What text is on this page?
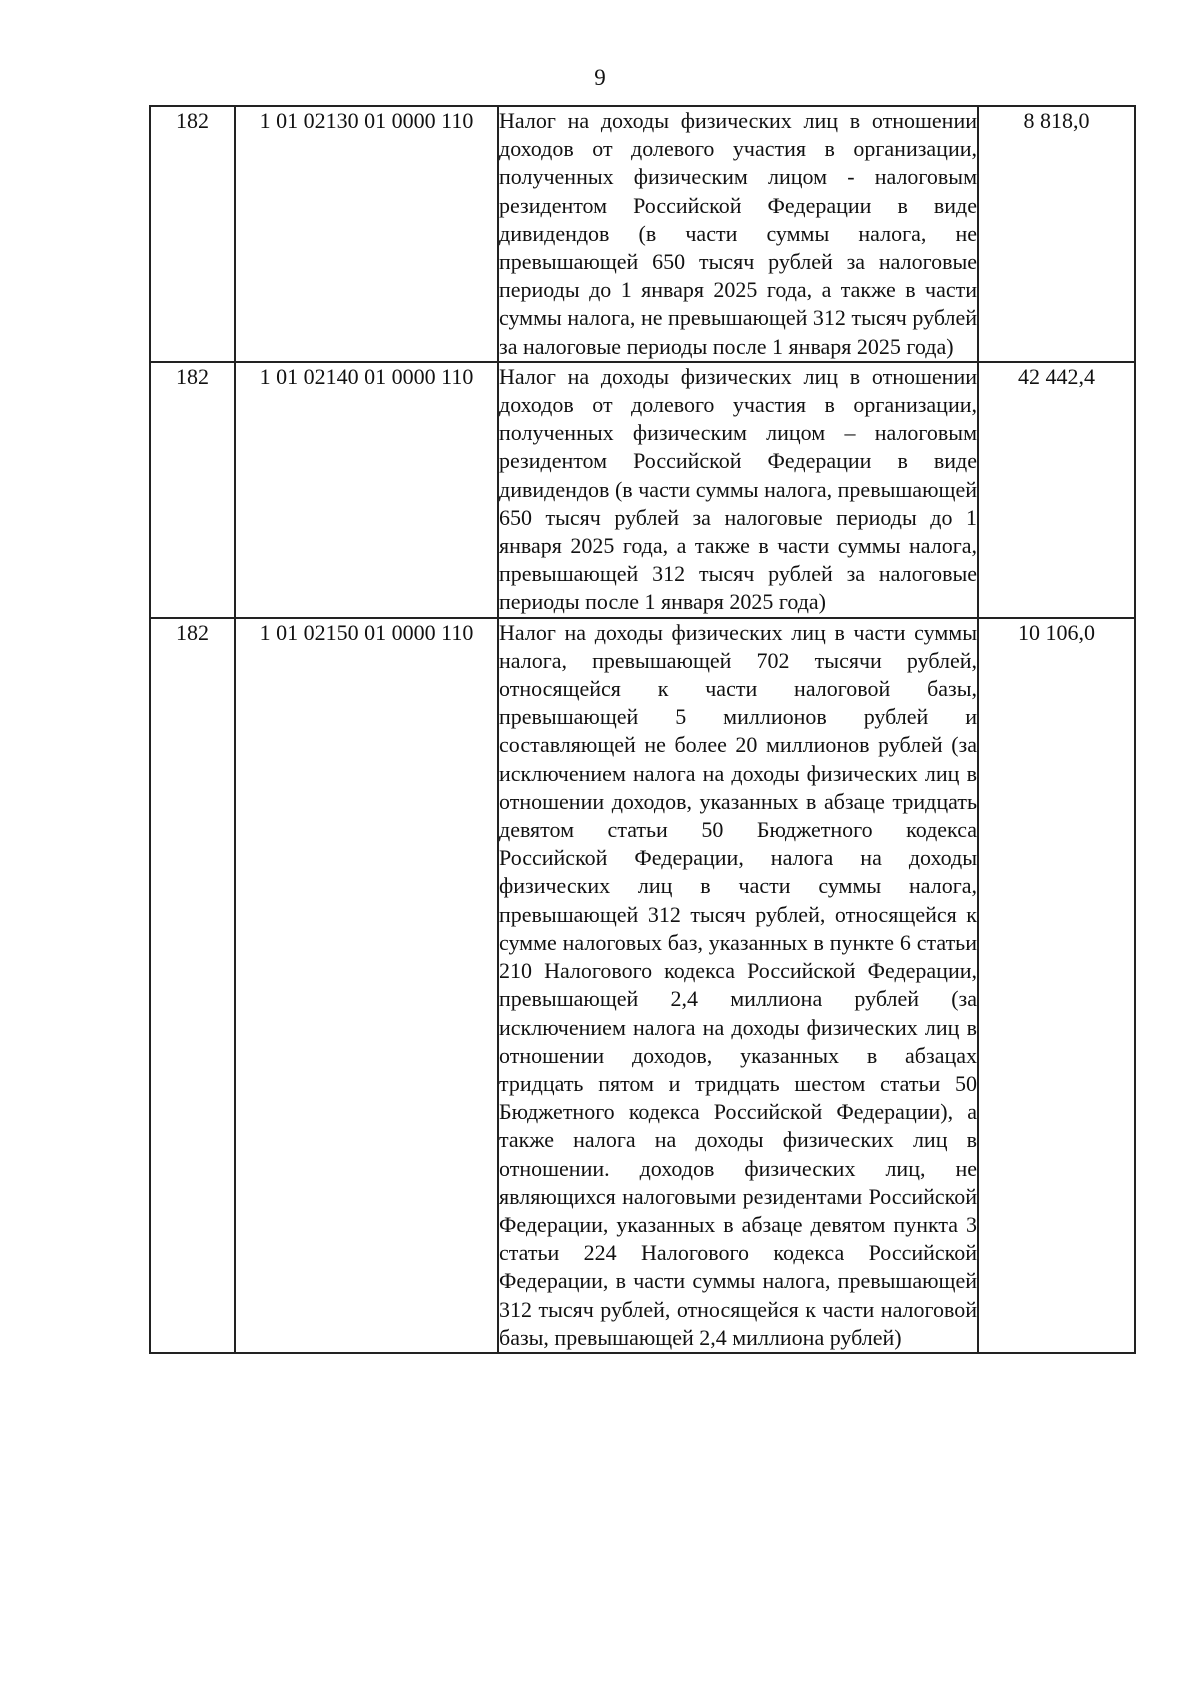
9
182	1 01 02130 01 0000 110	Налог на доходы физических лиц в отношении доходов от долевого участия в организации, полученных физическим лицом - налоговым резидентом Российской Федерации в виде дивидендов (в части суммы налога, не превышающей 650 тысяч рублей за налоговые периоды до 1 января 2025 года, а также в части суммы налога, не превышающей 312 тысяч рублей за налоговые периоды после 1 января 2025 года)	8 818,0
182	1 01 02140 01 0000 110	Налог на доходы физических лиц в отношении доходов от долевого участия в организации, полученных физическим лицом – налоговым резидентом Российской Федерации в виде дивидендов (в части суммы налога, превышающей 650 тысяч рублей за налоговые периоды до 1 января 2025 года, а также в части суммы налога, превышающей 312 тысяч рублей за налоговые периоды после 1 января 2025 года)	42 442,4
182	1 01 02150 01 0000 110	Налог на доходы физических лиц в части суммы налога, превышающей 702 тысячи рублей, относящейся к части налоговой базы, превышающей 5 миллионов рублей и составляющей не более 20 миллионов рублей (за исключением налога на доходы физических лиц в отношении доходов, указанных в абзаце тридцать девятом статьи 50 Бюджетного кодекса Российской Федерации, налога на доходы физических лиц в части суммы налога, превышающей 312 тысяч рублей, относящейся к сумме налоговых баз, указанных в пункте 6 статьи 210 Налогового кодекса Российской Федерации, превышающей 2,4 миллиона рублей (за исключением налога на доходы физических лиц в отношении доходов, указанных в абзацах тридцать пятом и тридцать шестом статьи 50 Бюджетного кодекса Российской Федерации), а также налога на доходы физических лиц в отношении. доходов физических лиц, не являющихся налоговыми резидентами Российской Федерации, указанных в абзаце девятом пункта 3 статьи 224 Налогового кодекса Российской Федерации, в части суммы налога, превышающей 312 тысяч рублей, относящейся к части налоговой базы, превышающей 2,4 миллиона рублей)	10 106,0
